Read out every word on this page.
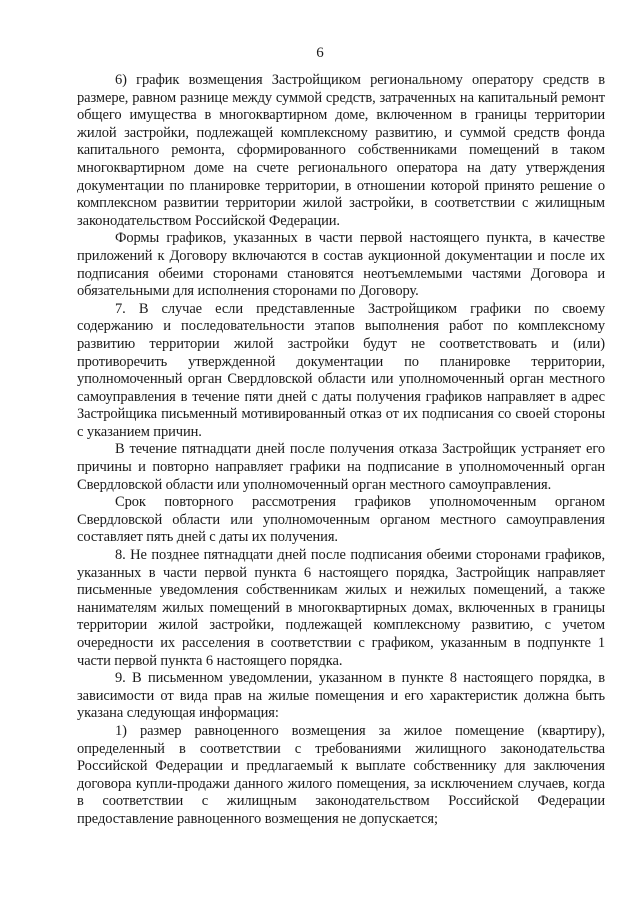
6

6) график возмещения Застройщиком региональному оператору средств в размере, равном разнице между суммой средств, затраченных на капитальный ремонт общего имущества в многоквартирном доме, включенном в границы территории жилой застройки, подлежащей комплексному развитию, и суммой средств фонда капитального ремонта, сформированного собственниками помещений в таком многоквартирном доме на счете регионального оператора на дату утверждения документации по планировке территории, в отношении которой принято решение о комплексном развитии территории жилой застройки, в соответствии с жилищным законодательством Российской Федерации.

Формы графиков, указанных в части первой настоящего пункта, в качестве приложений к Договору включаются в состав аукционной документации и после их подписания обеими сторонами становятся неотъемлемыми частями Договора и обязательными для исполнения сторонами по Договору.

7. В случае если представленные Застройщиком графики по своему содержанию и последовательности этапов выполнения работ по комплексному развитию территории жилой застройки будут не соответствовать и (или) противоречить утвержденной документации по планировке территории, уполномоченный орган Свердловской области или уполномоченный орган местного самоуправления в течение пяти дней с даты получения графиков направляет в адрес Застройщика письменный мотивированный отказ от их подписания со своей стороны с указанием причин.

В течение пятнадцати дней после получения отказа Застройщик устраняет его причины и повторно направляет графики на подписание в уполномоченный орган Свердловской области или уполномоченный орган местного самоуправления.

Срок повторного рассмотрения графиков уполномоченным органом Свердловской области или уполномоченным органом местного самоуправления составляет пять дней с даты их получения.

8. Не позднее пятнадцати дней после подписания обеими сторонами графиков, указанных в части первой пункта 6 настоящего порядка, Застройщик направляет письменные уведомления собственникам жилых и нежилых помещений, а также нанимателям жилых помещений в многоквартирных домах, включенных в границы территории жилой застройки, подлежащей комплексному развитию, с учетом очередности их расселения в соответствии с графиком, указанным в подпункте 1 части первой пункта 6 настоящего порядка.

9. В письменном уведомлении, указанном в пункте 8 настоящего порядка, в зависимости от вида прав на жилые помещения и его характеристик должна быть указана следующая информация:

1) размер равноценного возмещения за жилое помещение (квартиру), определенный в соответствии с требованиями жилищного законодательства Российской Федерации и предлагаемый к выплате собственнику для заключения договора купли-продажи данного жилого помещения, за исключением случаев, когда в соответствии с жилищным законодательством Российской Федерации предоставление равноценного возмещения не допускается;
